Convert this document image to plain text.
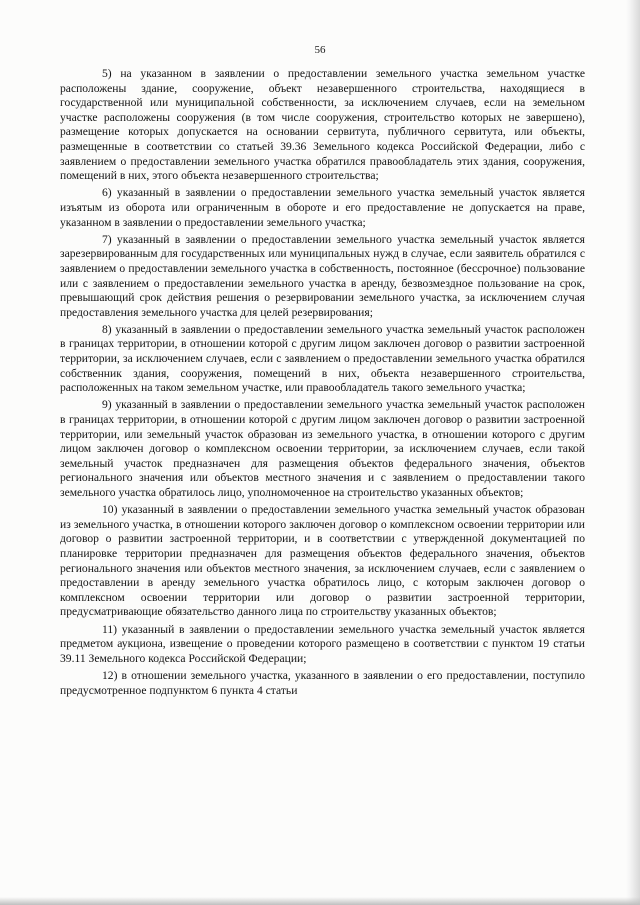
56

5) на указанном в заявлении о предоставлении земельного участка земельном участке расположены здание, сооружение, объект незавершенного строительства, находящиеся в государственной или муниципальной собственности, за исключением случаев, если на земельном участке расположены сооружения (в том числе сооружения, строительство которых не завершено), размещение которых допускается на основании сервитута, публичного сервитута, или объекты, размещенные в соответствии со статьей 39.36 Земельного кодекса Российской Федерации, либо с заявлением о предоставлении земельного участка обратился правообладатель этих здания, сооружения, помещений в них, этого объекта незавершенного строительства;

6) указанный в заявлении о предоставлении земельного участка земельный участок является изъятым из оборота или ограниченным в обороте и его предоставление не допускается на праве, указанном в заявлении о предоставлении земельного участка;

7) указанный в заявлении о предоставлении земельного участка земельный участок является зарезервированным для государственных или муниципальных нужд в случае, если заявитель обратился с заявлением о предоставлении земельного участка в собственность, постоянное (бессрочное) пользование или с заявлением о предоставлении земельного участка в аренду, безвозмездное пользование на срок, превышающий срок действия решения о резервировании земельного участка, за исключением случая предоставления земельного участка для целей резервирования;

8) указанный в заявлении о предоставлении земельного участка земельный участок расположен в границах территории, в отношении которой с другим лицом заключен договор о развитии застроенной территории, за исключением случаев, если с заявлением о предоставлении земельного участка обратился собственник здания, сооружения, помещений в них, объекта незавершенного строительства, расположенных на таком земельном участке, или правообладатель такого земельного участка;

9) указанный в заявлении о предоставлении земельного участка земельный участок расположен в границах территории, в отношении которой с другим лицом заключен договор о развитии застроенной территории, или земельный участок образован из земельного участка, в отношении которого с другим лицом заключен договор о комплексном освоении территории, за исключением случаев, если такой земельный участок предназначен для размещения объектов федерального значения, объектов регионального значения или объектов местного значения и с заявлением о предоставлении такого земельного участка обратилось лицо, уполномоченное на строительство указанных объектов;

10) указанный в заявлении о предоставлении земельного участка земельный участок образован из земельного участка, в отношении которого заключен договор о комплексном освоении территории или договор о развитии застроенной территории, и в соответствии с утвержденной документацией по планировке территории предназначен для размещения объектов федерального значения, объектов регионального значения или объектов местного значения, за исключением случаев, если с заявлением о предоставлении в аренду земельного участка обратилось лицо, с которым заключен договор о комплексном освоении территории или договор о развитии застроенной территории, предусматривающие обязательство данного лица по строительству указанных объектов;

11) указанный в заявлении о предоставлении земельного участка земельный участок является предметом аукциона, извещение о проведении которого размещено в соответствии с пунктом 19 статьи 39.11 Земельного кодекса Российской Федерации;

12) в отношении земельного участка, указанного в заявлении о его предоставлении, поступило предусмотренное подпунктом 6 пункта 4 статьи
